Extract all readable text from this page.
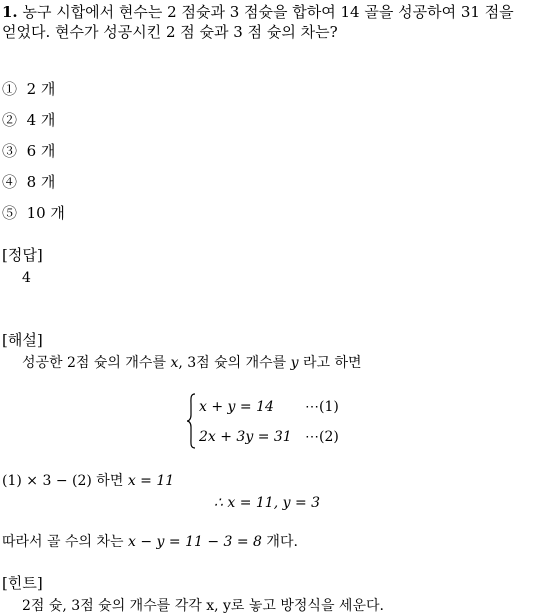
1. 농구 시합에서 현수는 2 점슛과 3 점슛을 합하여 14 골을 성공하여 31 점을
얻었다. 현수가 성공시킨 2 점 슛과 3 점 슛의 차는?
① 2 개
② 4 개
③ 6 개
④ 8 개
⑤ 10 개
[정답]
4
[해설]
성공한 2점 슛의 개수를 x, 3점 슛의 개수를 y 라고 하면
x + y = 14 ⋯(1)
2x + 3y = 31 ⋯(2)
(1) × 3 − (2) 하면 x = 11
∴ x = 11, y = 3
따라서 골 수의 차는 x − y = 11 − 3 = 8 개다.
[힌트]
2점 슛, 3점 슛의 개수를 각각 x, y로 놓고 방정식을 세운다.
